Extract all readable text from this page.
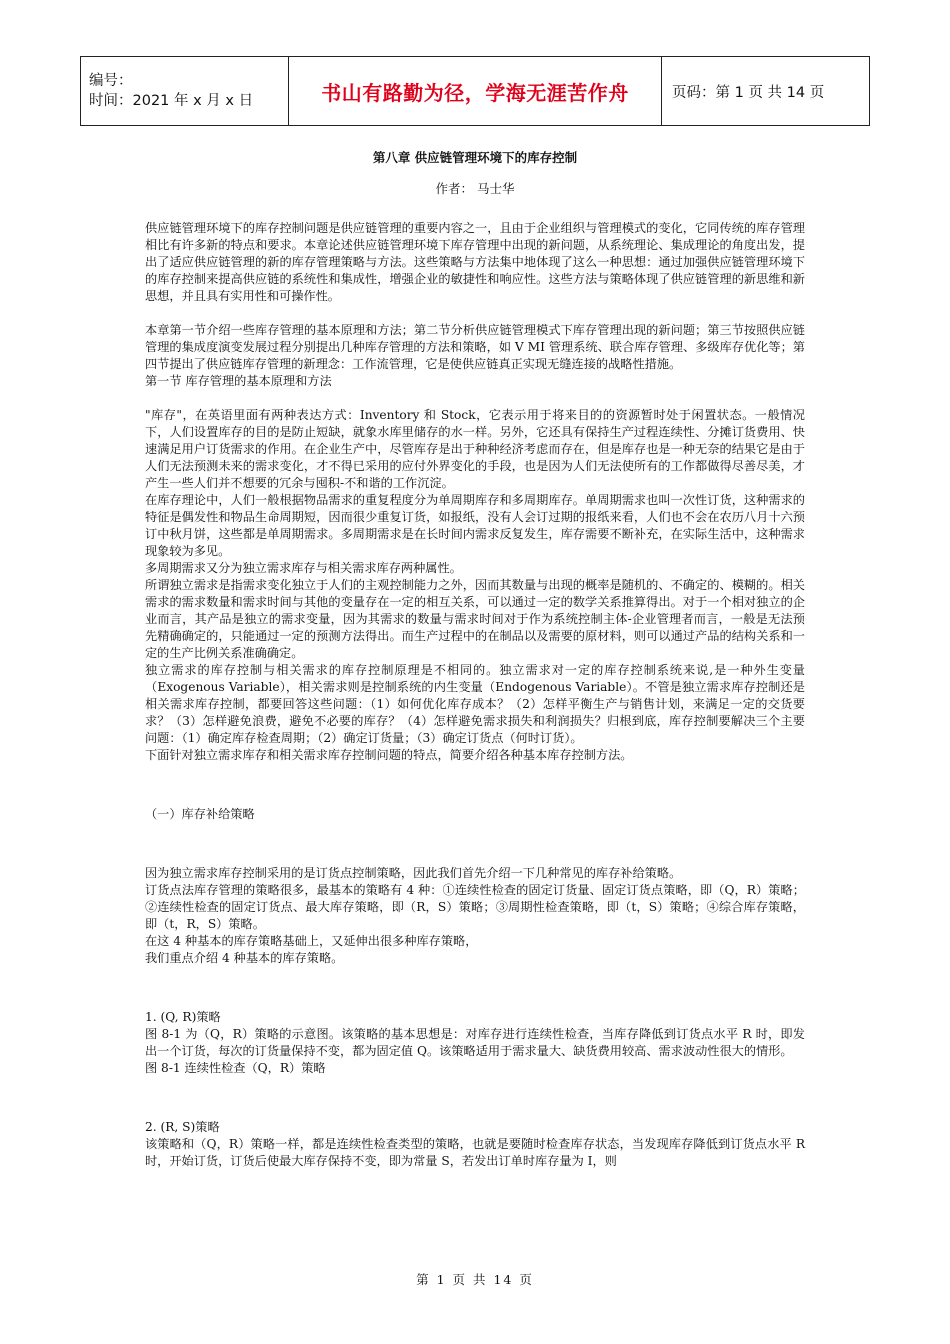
编号：
时间：2021 年 x 月 x 日	书山有路勤为径，学海无涯苦作舟	页码：第 1 页 共 14 页
第八章 供应链管理环境下的库存控制
作者： 马士华

供应链管理环境下的库存控制问题是供应链管理的重要内容之一，且由于企业组织与管理模式的变化，它同传统的库存管理相比有许多新的特点和要求。本章论述供应链管理环境下库存管理中出现的新问题，从系统理论、集成理论的角度出发，提出了适应供应链管理的新的库存管理策略与方法。这些策略与方法集中地体现了这么一种思想：通过加强供应链管理环境下的库存控制来提高供应链的系统性和集成性，增强企业的敏捷性和响应性。这些方法与策略体现了供应链管理的新思维和新思想，并且具有实用性和可操作性。

本章第一节介绍一些库存管理的基本原理和方法；第二节分析供应链管理模式下库存管理出现的新问题；第三节按照供应链管理的集成度演变发展过程分别提出几种库存管理的方法和策略，如 V MI 管理系统、联合库存管理、多级库存优化等；第四节提出了供应链库存管理的新理念：工作流管理，它是使供应链真正实现无缝连接的战略性措施。

第一节 库存管理的基本原理和方法

"库存"，在英语里面有两种表达方式：Inventory 和 Stock，它表示用于将来目的的资源暂时处于闲置状态。一般情况下，人们设置库存的目的是防止短缺，就象水库里储存的水一样。另外，它还具有保持生产过程连续性、分摊订货费用、快速满足用户订货需求的作用。在企业生产中，尽管库存是出于种种经济考虑而存在，但是库存也是一种无奈的结果它是由于人们无法预测未来的需求变化，才不得已采用的应付外界变化的手段，也是因为人们无法使所有的工作都做得尽善尽美，才产生一些人们并不想要的冗余与囤积-不和谐的工作沉淀。

在库存理论中，人们一般根据物品需求的重复程度分为单周期库存和多周期库存。单周期需求也叫一次性订货，这种需求的特征是偶发性和物品生命周期短，因而很少重复订货，如报纸，没有人会订过期的报纸来看，人们也不会在农历八月十六预订中秋月饼，这些都是单周期需求。多周期需求是在长时间内需求反复发生，库存需要不断补充，在实际生活中，这种需求现象较为多见。

多周期需求又分为独立需求库存与相关需求库存两种属性。

所谓独立需求是指需求变化独立于人们的主观控制能力之外，因而其数量与出现的概率是随机的、不确定的、模糊的。相关需求的需求数量和需求时间与其他的变量存在一定的相互关系，可以通过一定的数学关系推算得出。对于一个相对独立的企业而言，其产品是独立的需求变量，因为其需求的数量与需求时间对于作为系统控制主体-企业管理者而言，一般是无法预先精确确定的，只能通过一定的预测方法得出。而生产过程中的在制品以及需要的原材料，则可以通过产品的结构关系和一定的生产比例关系准确确定。

独立需求的库存控制与相关需求的库存控制原理是不相同的。独立需求对一定的库存控制系统来说,是一种外生变量（Exogenous Variable），相关需求则是控制系统的内生变量（Endogenous Variable）。不管是独立需求库存控制还是相关需求库存控制，都要回答这些问题：（1）如何优化库存成本？（2）怎样平衡生产与销售计划，来满足一定的交货要求？（3）怎样避免浪费，避免不必要的库存？（4）怎样避免需求损失和利润损失？归根到底，库存控制要解决三个主要问题：（1）确定库存检查周期；（2）确定订货量；（3）确定订货点（何时订货）。

下面针对独立需求库存和相关需求库存控制问题的特点，简要介绍各种基本库存控制方法。

（一）库存补给策略

因为独立需求库存控制采用的是订货点控制策略，因此我们首先介绍一下几种常见的库存补给策略。

订货点法库存管理的策略很多，最基本的策略有 4 种：①连续性检查的固定订货量、固定订货点策略，即（Q，R）策略；②连续性检查的固定订货点、最大库存策略，即（R，S）策略；③周期性检查策略，即（t，S）策略；④综合库存策略，即（t，R，S）策略。

在这 4 种基本的库存策略基础上，又延伸出很多种库存策略，

我们重点介绍 4 种基本的库存策略。

1. (Q, R)策略

图 8-1 为（Q，R）策略的示意图。该策略的基本思想是：对库存进行连续性检查，当库存降低到订货点水平 R 时，即发出一个订货，每次的订货量保持不变，都为固定值 Q。该策略适用于需求量大、缺货费用较高、需求波动性很大的情形。

图 8-1 连续性检查（Q，R）策略

2. (R, S)策略

该策略和（Q，R）策略一样，都是连续性检查类型的策略，也就是要随时检查库存状态，当发现库存降低到订货点水平 R 时，开始订货，订货后使最大库存保持不变，即为常量 S，若发出订单时库存量为 I，则

第 1 页 共 14 页
